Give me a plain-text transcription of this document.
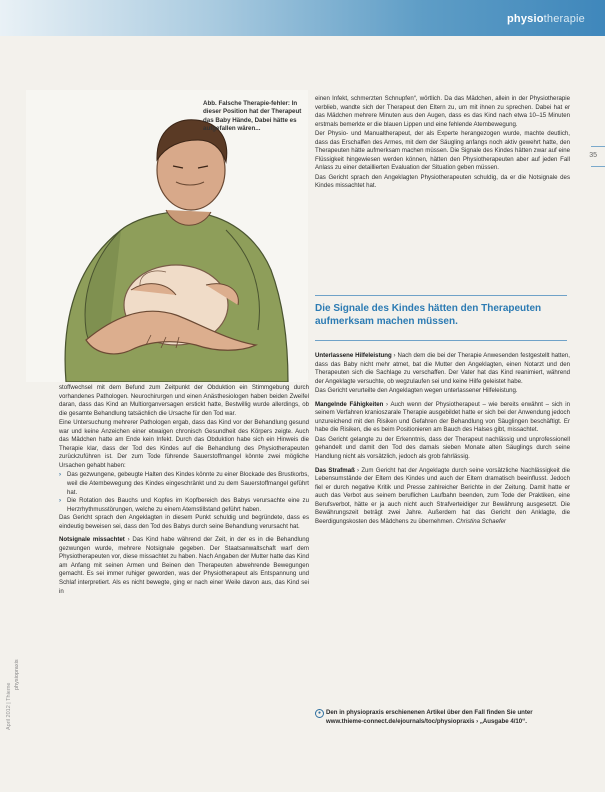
physiotherapie
35
Abb. Falsche Therapie-fehler: In dieser Position hat der Therapeut das Baby Hände, Dabei hätte es aufgefallen wären...

einen Infekt, schmerzten Schnupfen“, wörtlich. Da das Mädchen, allein in der Physiotherapie verblieb, wandte sich der Therapeut den Eltern zu, um mit ihnen zu sprechen. Dabei hat er das Mädchen mehrere Minuten aus den Augen, dass es das Kind nach etwa 10–15 Minuten erstmals bemerkte er die blauen Lippen und eine fehlende Atembewegung.

Der Physio- und Manualtherapeut, der als Experte herangezogen wurde, machte deutlich, dass das Erschaffen des Armes, mit dem der Säugling anfangs noch aktiv gewehrt hatte, den Therapeuten hätte aufmerksam machen müssen. Die Signale des Kindes hätten zwar auf eine Flüssigkeit hingewiesen werden können, hätten den Physiotherapeuten aber auf jeden Fall Anlass zu einer detaillierten Evaluation der Situation geben müssen.

Das Gericht sprach den Angeklagten Physiotherapeuten schuldig, da er die Notsignale des Kindes missachtet hat.

Die Signale des Kindes hätten den Therapeuten aufmerksam machen müssen.

Unterlassene Hilfeleistung › Nach dem die bei der Therapie Anwesenden festgestellt hatten, dass das Baby nicht mehr atmet, bat die Mutter den Angeklagten, einen Notarzt und den Therapeuten sich die Sachlage zu verschaffen. Der Vater hat das Kind reanimiert, während der Angeklagte versuchte, ob wegzulaufen sei und keine Hilfe geleistet habe.

Das Gericht verurteilte den Angeklagten wegen unterlassener Hilfeleistung.

Mangelnde Fähigkeiten › Auch wenn der Physiotherapeut – wie bereits erwähnt – sich in seinem Verfahren kranioszarale Therapie ausgebildet hatte er sich bei der Anwendung jedoch unzureichend mit den Risiken und Gefahren der Behandlung von Säuglingen beschäftigt. Er habe die Risiken, die es beim Positionieren am Bauch des Halses gibt, missachtet.

Das Gericht gelangte zu der Erkenntnis, dass der Therapeut nachlässig und unprofessionell gehandelt und damit den Tod des damals sieben Monate alten Säuglings durch seine Handlung nicht als vorsätzlich, jedoch als grob fahrlässig.

Das Strafmaß › Zum Gericht hat der Angeklagte durch seine vorsätzliche Nachlässigkeit die Lebensumstände der Eltern des Kindes und auch der Eltern dramatisch beeinflusst. Jedoch fiel er durch negative Kritik und Presse zahlreicher Berichte in der Zeitung. Damit hatte er auch das Verbot aus seinem beruflichen Laufbahn beenden, zum Tode der Praktiken, eine Berufsverbot, hätte er ja auch nicht auch Strafverteidiger zur Bewährung ausgesetzt. Die Bewährungszeit beträgt zwei Jahre. Außerdem hat das Gericht den Anklagte, die Beerdigungskosten des Mädchens zu übernehmen. Christina Schaefer

● Den in physiopraxis erschienenen Artikel über den Fall finden Sie unter www.thieme-connect.de/ejournals/toc/physiopraxis › „Ausgabe 4/10“.

stoffwechsel mit dem Befund zum Zeitpunkt der Obduktion ein Stimmgebung durch vorhandenes Pathologen. Neurochirurgen und einen Anästhesiologen haben beiden Zweifel daran, dass das Kind an Multiorganversagen erstickt hatte, Bestwillig wurde allerdings, ob die gesamte Behandlung tatsächlich die Ursache für den Tod war.

Eine Untersuchung mehrerer Pathologen ergab, dass das Kind vor der Behandlung gesund war und keine Anzeichen einer etwaigen chronisch Gesundheit des Körpers zeigte. Auch das Mädchen hatte am Ende kein Infekt. Durch das Obduktion habe sich ein Hinweis die Therapie klar, dass der Tod des Kindes auf die Behandlung des Physiotherapeuten zurückzuführen ist. Der zum Tode führende Sauerstoffmangel könnte zwei mögliche Ursachen gehabt haben:

› Das gezwungene, gebeugte Halten des Kindes könnte zu einer Blockade des Brustkorbs, weil die Atembewegung des Kindes eingeschränkt und zu dem Sauerstoffmangel geführt hat.
› Die Rotation des Bauchs und Kopfes im Kopfbereich des Babys verursachte eine zu Herzrhythmusstörungen, welche zu einem Atemstillstand geführt haben.

Das Gericht sprach den Angeklagten in diesem Punkt schuldig und begründete, dass es eindeutig beweisen sei, dass den Tod des Babys durch seine Behandlung verursacht hat.

Notsignale missachtet › Das Kind habe während der Zeit, in der es in die Behandlung gezwungen wurde, mehrere Notsignale gegeben. Der Staatsanwaltschaft warf dem Physiotherapeuten vor, diese missachtet zu haben. Nach Angaben der Mutter hatte das Kind am Anfang mit seinen Armen und Beinen den Therapeuten abwehrende Bewegungen gemacht. Es sei immer ruhiger geworden, was der Physiotherapeut als Entspannung und Schlaf interpretiert. Als es nicht bewegte, ging er nach einer Weile davon aus, das Kind sei in

physiopraxis
April 2012 | Thieme
